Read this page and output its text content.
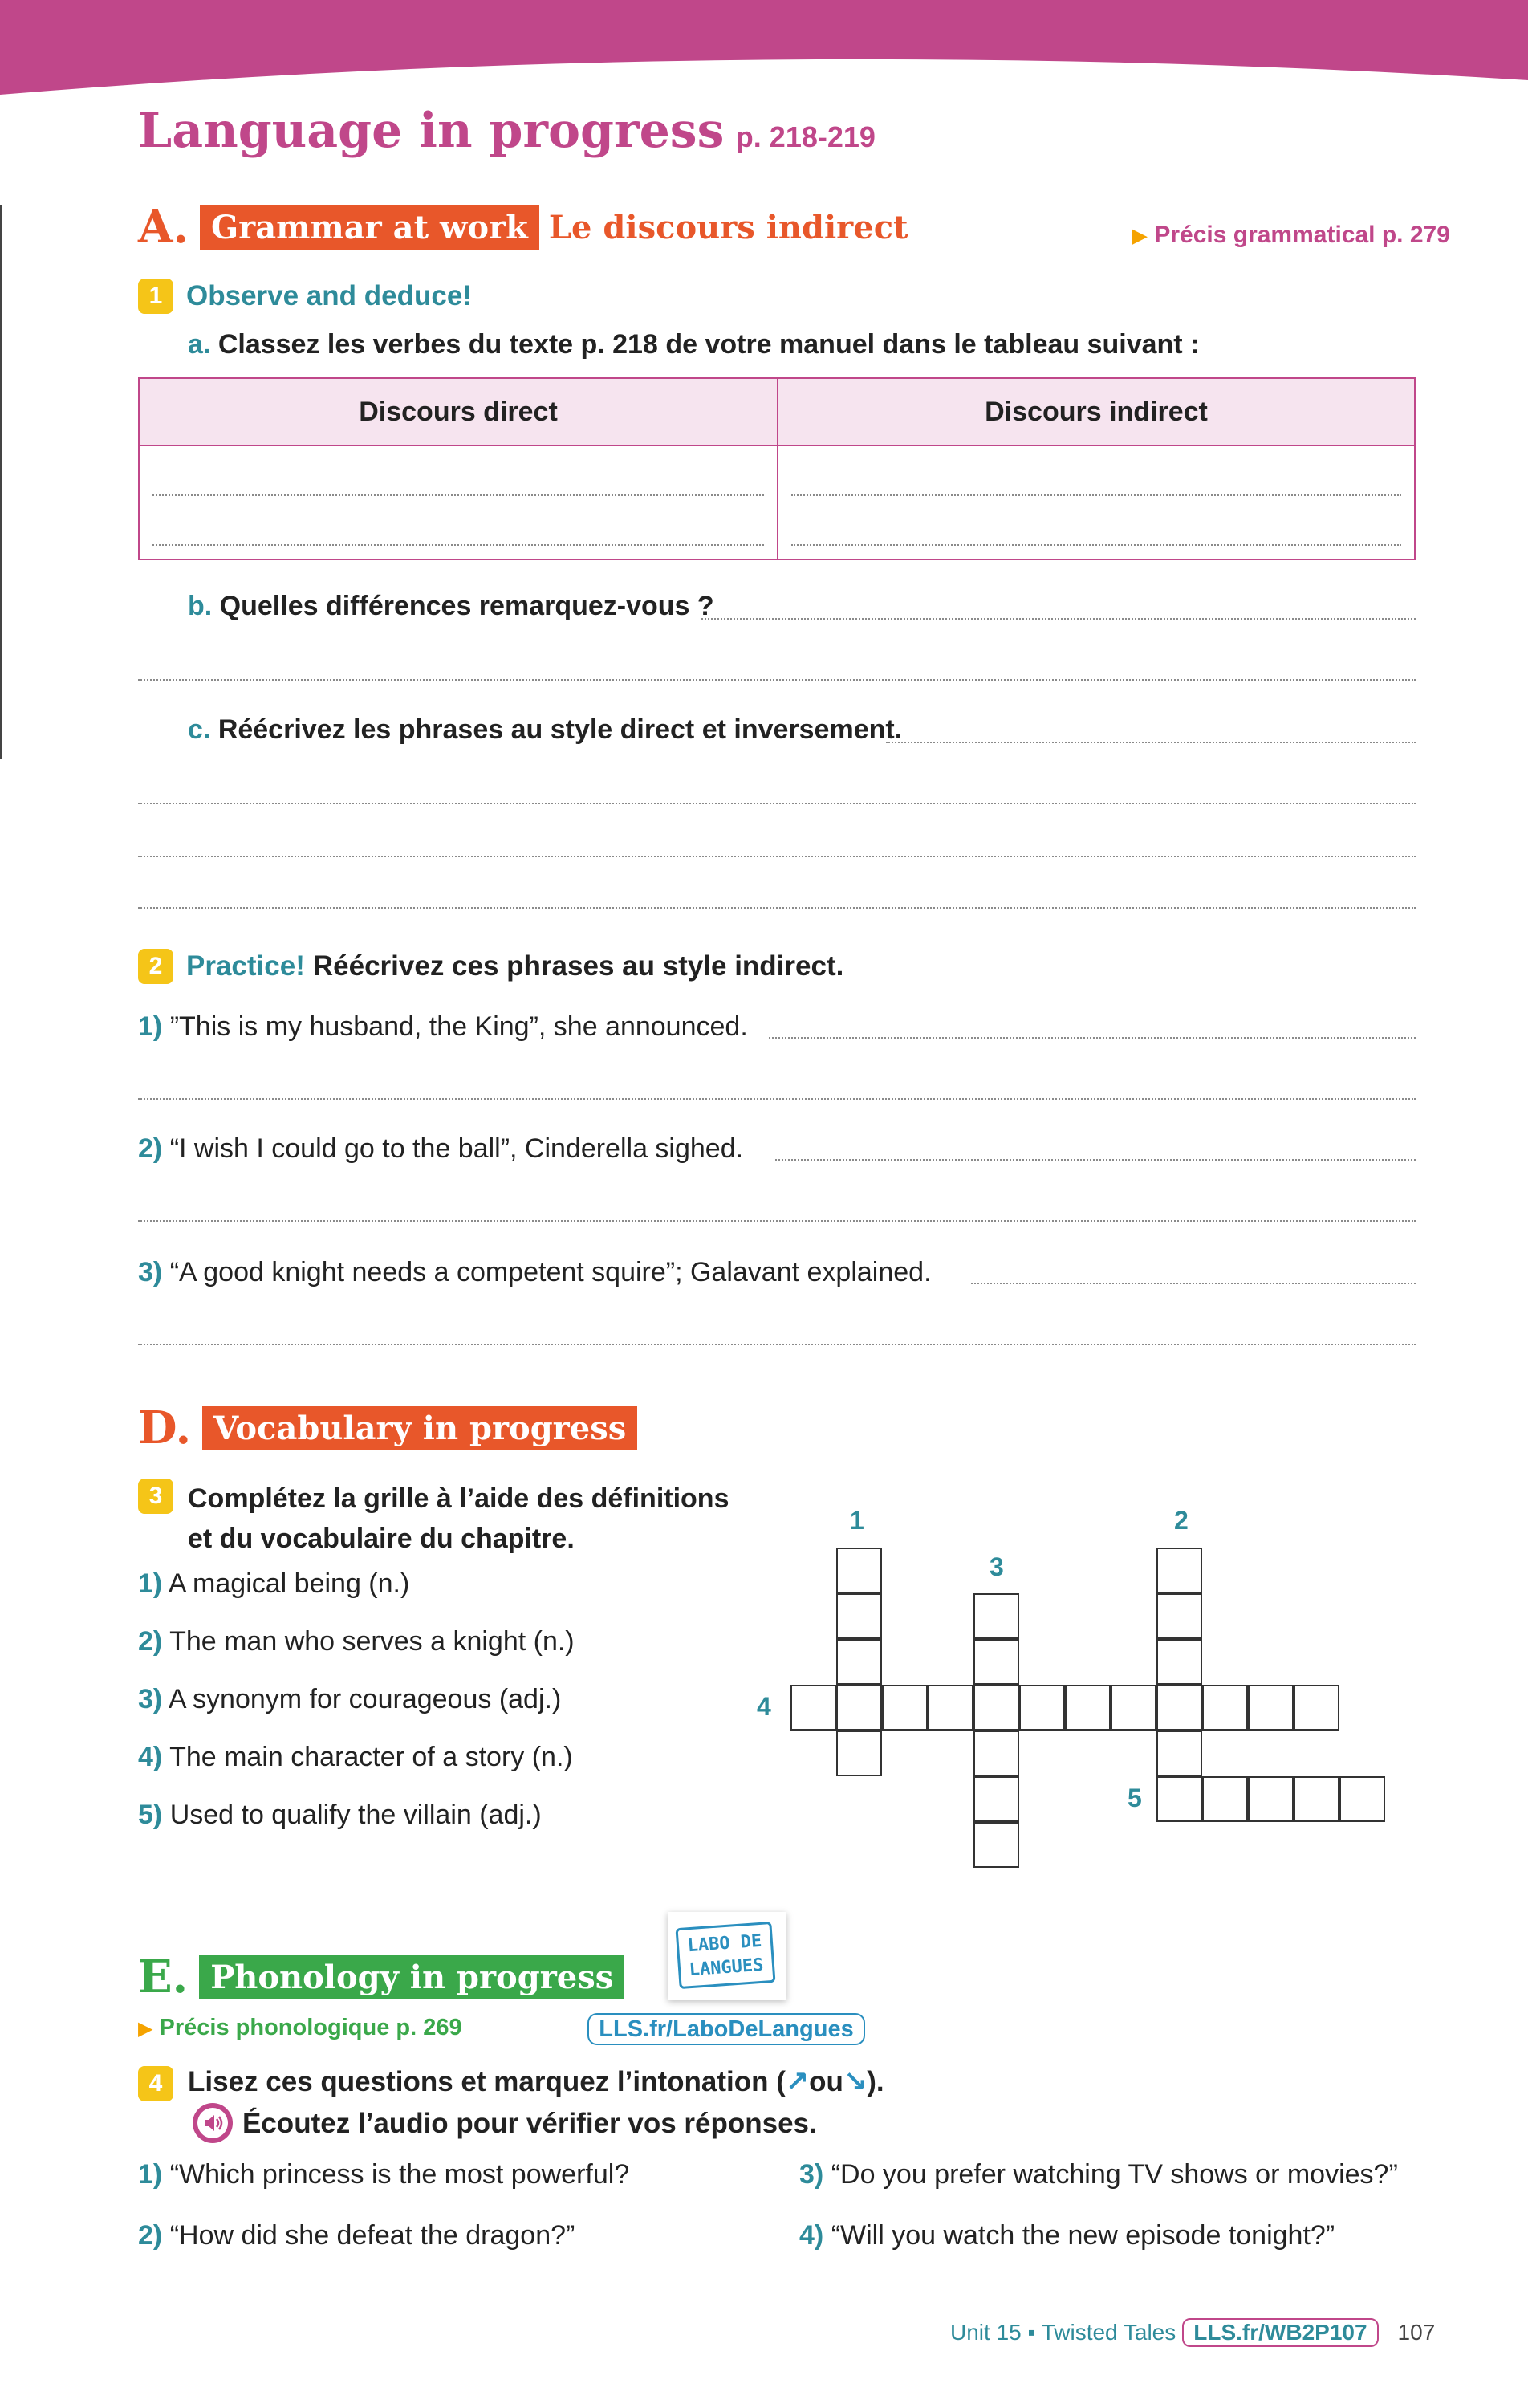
Language in progress p. 218-219
A. Grammar at work Le discours indirect	▶ Précis grammatical p. 279
1 Observe and deduce!
a. Classez les verbes du texte p. 218 de votre manuel dans le tableau suivant :
Discours direct	Discours indirect
b. Quelles différences remarquez-vous ?
c. Réécrivez les phrases au style direct et inversement.
2 Practice! Réécrivez ces phrases au style indirect.
1) ”This is my husband, the King”, she announced.
2) “I wish I could go to the ball”, Cinderella sighed.
3) “A good knight needs a competent squire”; Galavant explained.
D. Vocabulary in progress
3 Complétez la grille à l’aide des définitions
et du vocabulaire du chapitre.
1) A magical being (n.)
2) The man who serves a knight (n.)
3) A synonym for courageous (adj.)
4) The main character of a story (n.)
5) Used to qualify the villain (adj.)
1	2
3
4
5
E. Phonology in progress
▶ Précis phonologique p. 269
LABO DE LANGUES
LLS.fr/LaboDeLangues
4 Lisez ces questions et marquez l’intonation (↗ou↘).
Écoutez l’audio pour vérifier vos réponses.
1) “Which princess is the most powerful?
2) “How did she defeat the dragon?”
3) “Do you prefer watching TV shows or movies?”
4) “Will you watch the new episode tonight?”
Unit 15 ▪ Twisted Tales LLS.fr/WB2P107	107
